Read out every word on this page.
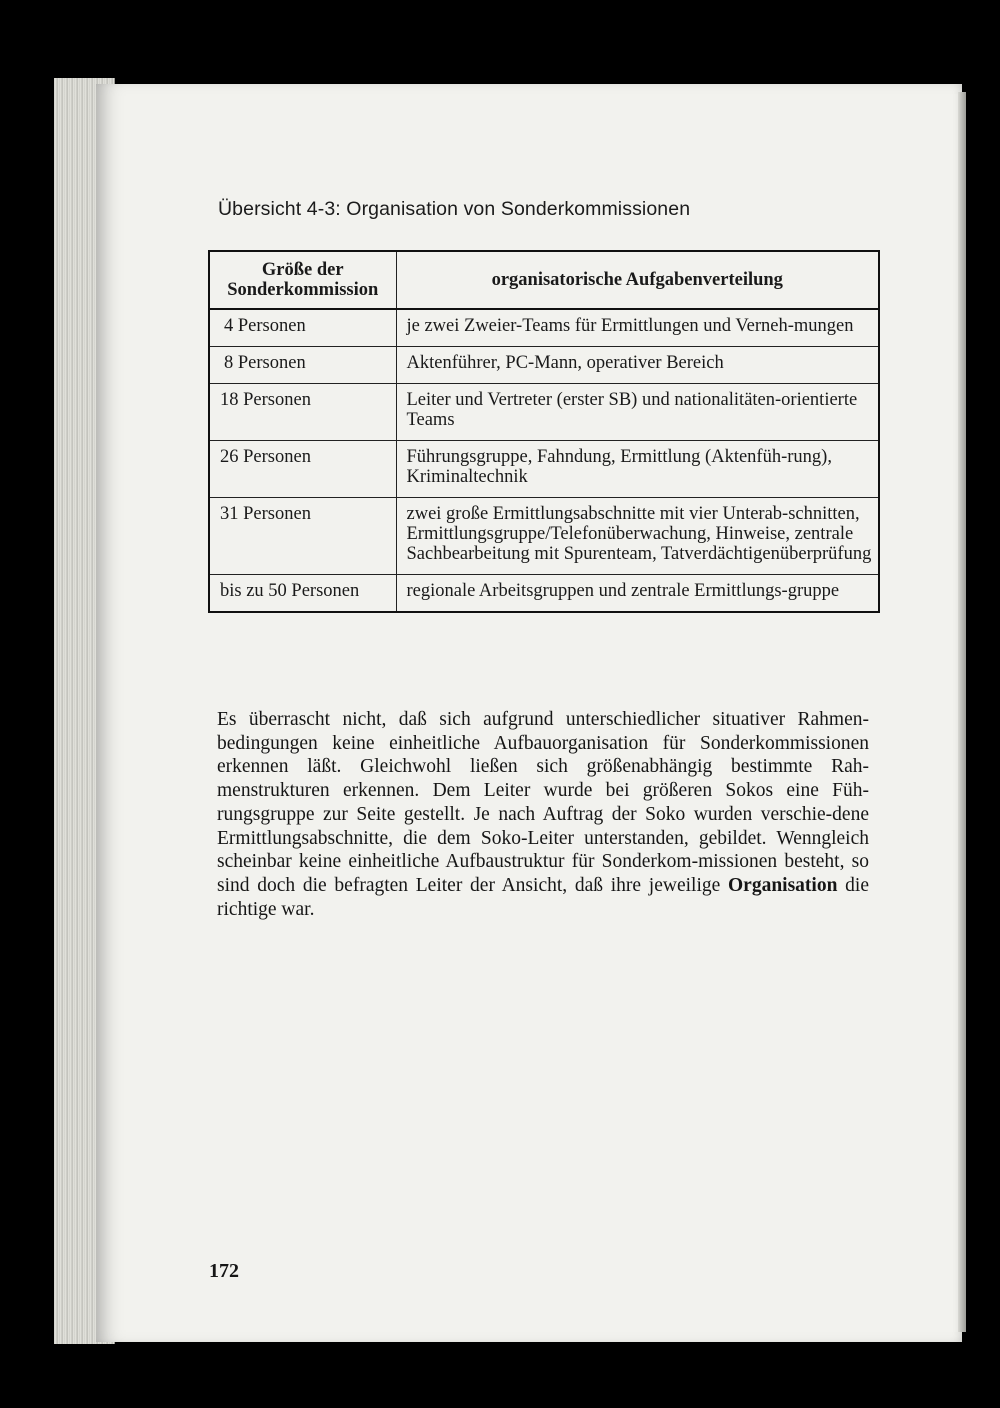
Übersicht 4-3: Organisation von Sonderkommissionen
Größe der Sonderkommission	organisatorische Aufgabenverteilung
4 Personen	je zwei Zweier-Teams für Ermittlungen und Verneh-mungen
8 Personen	Aktenführer, PC-Mann, operativer Bereich
18 Personen	Leiter und Vertreter (erster SB) und nationalitäten-orientierte Teams
26 Personen	Führungsgruppe, Fahndung, Ermittlung (Aktenfüh-rung), Kriminaltechnik
31 Personen	zwei große Ermittlungsabschnitte mit vier Unterab-schnitten, Ermittlungsgruppe/Telefonüberwachung, Hinweise, zentrale Sachbearbeitung mit Spurenteam, Tatverdächtigenüberprüfung
bis zu 50 Personen	regionale Arbeitsgruppen und zentrale Ermittlungs-gruppe
Es überrascht nicht, daß sich aufgrund unterschiedlicher situativer Rahmen-bedingungen keine einheitliche Aufbauorganisation für Sonderkommissionen erkennen läßt. Gleichwohl ließen sich größenabhängig bestimmte Rah-menstrukturen erkennen. Dem Leiter wurde bei größeren Sokos eine Füh-rungsgruppe zur Seite gestellt. Je nach Auftrag der Soko wurden verschie-dene Ermittlungsabschnitte, die dem Soko-Leiter unterstanden, gebildet. Wenngleich scheinbar keine einheitliche Aufbaustruktur für Sonderkom-missionen besteht, so sind doch die befragten Leiter der Ansicht, daß ihre jeweilige Organisation die richtige war.
172
